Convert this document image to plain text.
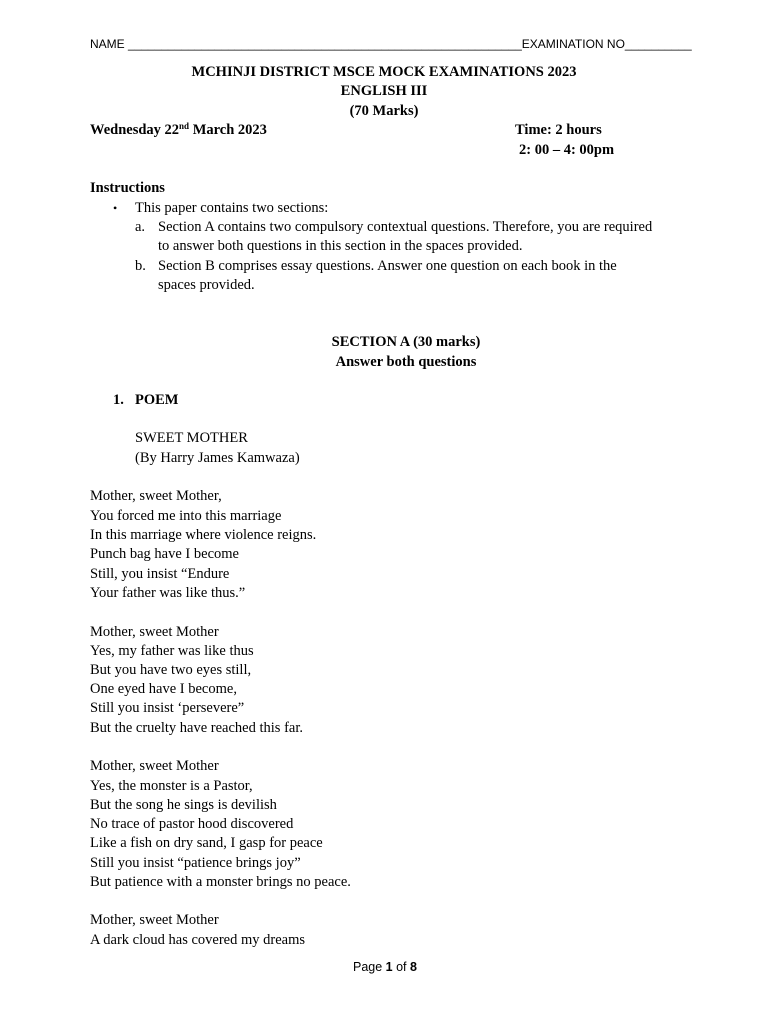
NAME ___________________________________________________________EXAMINATION NO__________
MCHINJI DISTRICT MSCE MOCK EXAMINATIONS 2023
ENGLISH III
(70 Marks)
Wednesday 22nd March 2023	Time: 2 hours
2: 00 – 4: 00pm
Instructions
• This paper contains two sections:
a. Section A contains two compulsory contextual questions. Therefore, you are required
to answer both questions in this section in the spaces provided.
b. Section B comprises essay questions. Answer one question on each book in the
spaces provided.
SECTION A (30 marks)
Answer both questions
1. POEM
SWEET MOTHER
(By Harry James Kamwaza)
Mother, sweet Mother,
You forced me into this marriage
In this marriage where violence reigns.
Punch bag have I become
Still, you insist “Endure
Your father was like thus.”
Mother, sweet Mother
Yes, my father was like thus
But you have two eyes still,
One eyed have I become,
Still you insist ‘persevere”
But the cruelty have reached this far.
Mother, sweet Mother
Yes, the monster is a Pastor,
But the song he sings is devilish
No trace of pastor hood discovered
Like a fish on dry sand, I gasp for peace
Still you insist “patience brings joy”
But patience with a monster brings no peace.
Mother, sweet Mother
A dark cloud has covered my dreams
Page 1 of 8
